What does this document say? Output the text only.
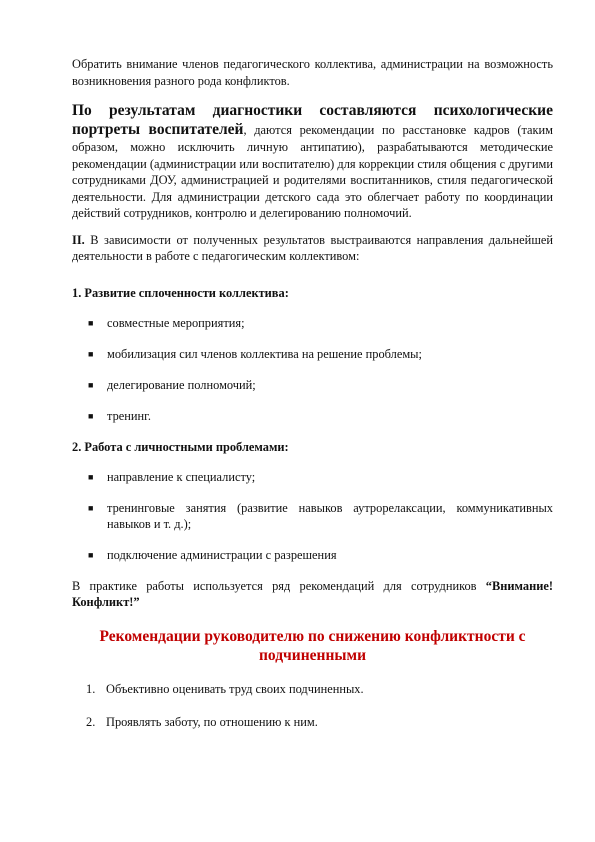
Обратить внимание членов педагогического коллектива, администрации на возможность возникновения разного рода конфликтов.

По результатам диагностики составляются психологические портреты воспитателей, даются рекомендации по расстановке кадров (таким образом, можно исключить личную антипатию), разрабатываются методические рекомендации (администрации или воспитателю) для коррекции стиля общения с другими сотрудниками ДОУ, администрацией и родителями воспитанников, стиля педагогической деятельности. Для администрации детского сада это облегчает работу по координации действий сотрудников, контролю и делегированию полномочий.

II. В зависимости от полученных результатов выстраиваются направления дальнейшей деятельности в работе с педагогическим коллективом:

1. Развитие сплоченности коллектива:
■ совместные мероприятия;
■ мобилизация сил членов коллектива на решение проблемы;
■ делегирование полномочий;
■ тренинг.
2. Работа с личностными проблемами:
■ направление к специалисту;
■ тренинговые занятия (развитие навыков аутрорелаксации, коммуникативных навыков и т. д.);
■ подключение администрации с разрешения

В практике работы используется ряд рекомендаций для сотрудников “Внимание! Конфликт!”

Рекомендации руководителю по снижению конфликтности с подчиненными
1. Объективно оценивать труд своих подчиненных.
2. Проявлять заботу, по отношению к ним.
